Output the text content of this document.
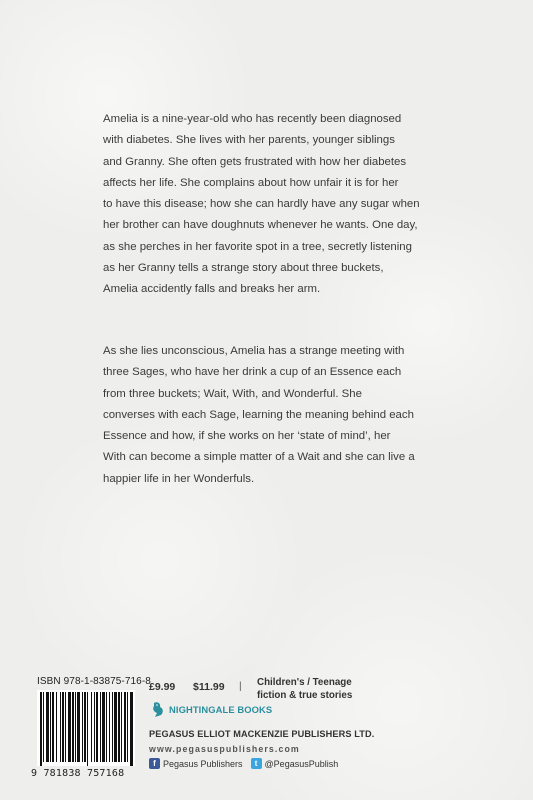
Amelia is a nine-year-old who has recently been diagnosed

with diabetes. She lives with her parents, younger siblings

and Granny. She often gets frustrated with how her diabetes

affects her life. She complains about how unfair it is for her

to have this disease; how she can hardly have any sugar when

her brother can have doughnuts whenever he wants. One day,

as she perches in her favorite spot in a tree, secretly listening

as her Granny tells a strange story about three buckets,

Amelia accidently falls and breaks her arm.

As she lies unconscious, Amelia has a strange meeting with

three Sages, who have her drink a cup of an Essence each

from three buckets; Wait, With, and Wonderful. She

converses with each Sage, learning the meaning behind each

Essence and how, if she works on her ‘state of mind’, her

With can become a simple matter of a Wait and she can live a

happier life in her Wonderfuls.

ISBN 978-1-83875-716-8
9 781838 757168
£9.99 $11.99 | Children's / Teenage
fiction & true stories
NIGHTINGALE BOOKS
PEGASUS ELLIOT MACKENZIE PUBLISHERS LTD.
www.pegasuspublishers.com
f Pegasus Publishers	t @PegasusPublish
